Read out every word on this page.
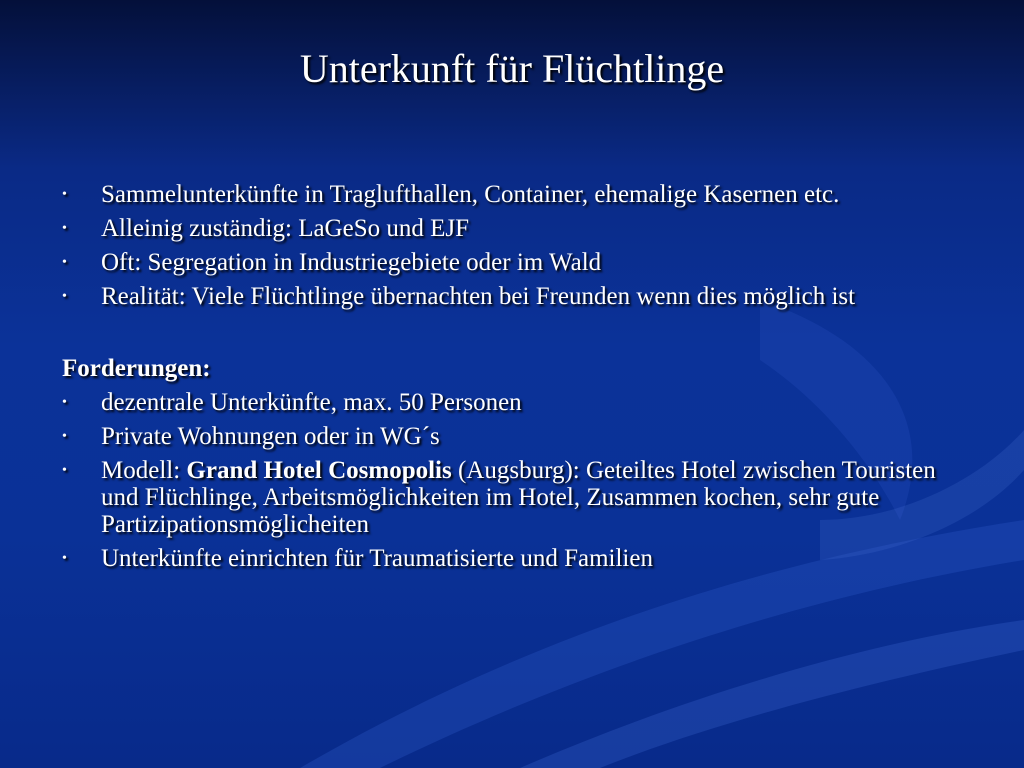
Unterkunft für Flüchtlinge
• Sammelunterkünfte in Traglufthallen, Container, ehemalige Kasernen etc.
• Alleinig zuständig: LaGeSo und EJF
• Oft: Segregation in Industriegebiete oder im Wald
• Realität: Viele Flüchtlinge übernachten bei Freunden wenn dies möglich ist
Forderungen:
• dezentrale Unterkünfte, max. 50 Personen
• Private Wohnungen oder in WG´s
• Modell: Grand Hotel Cosmopolis (Augsburg): Geteiltes Hotel zwischen Touristen und Flüchlinge, Arbeitsmöglichkeiten im Hotel, Zusammen kochen, sehr gute Partizipationsmöglicheiten
• Unterkünfte einrichten für Traumatisierte und Familien
